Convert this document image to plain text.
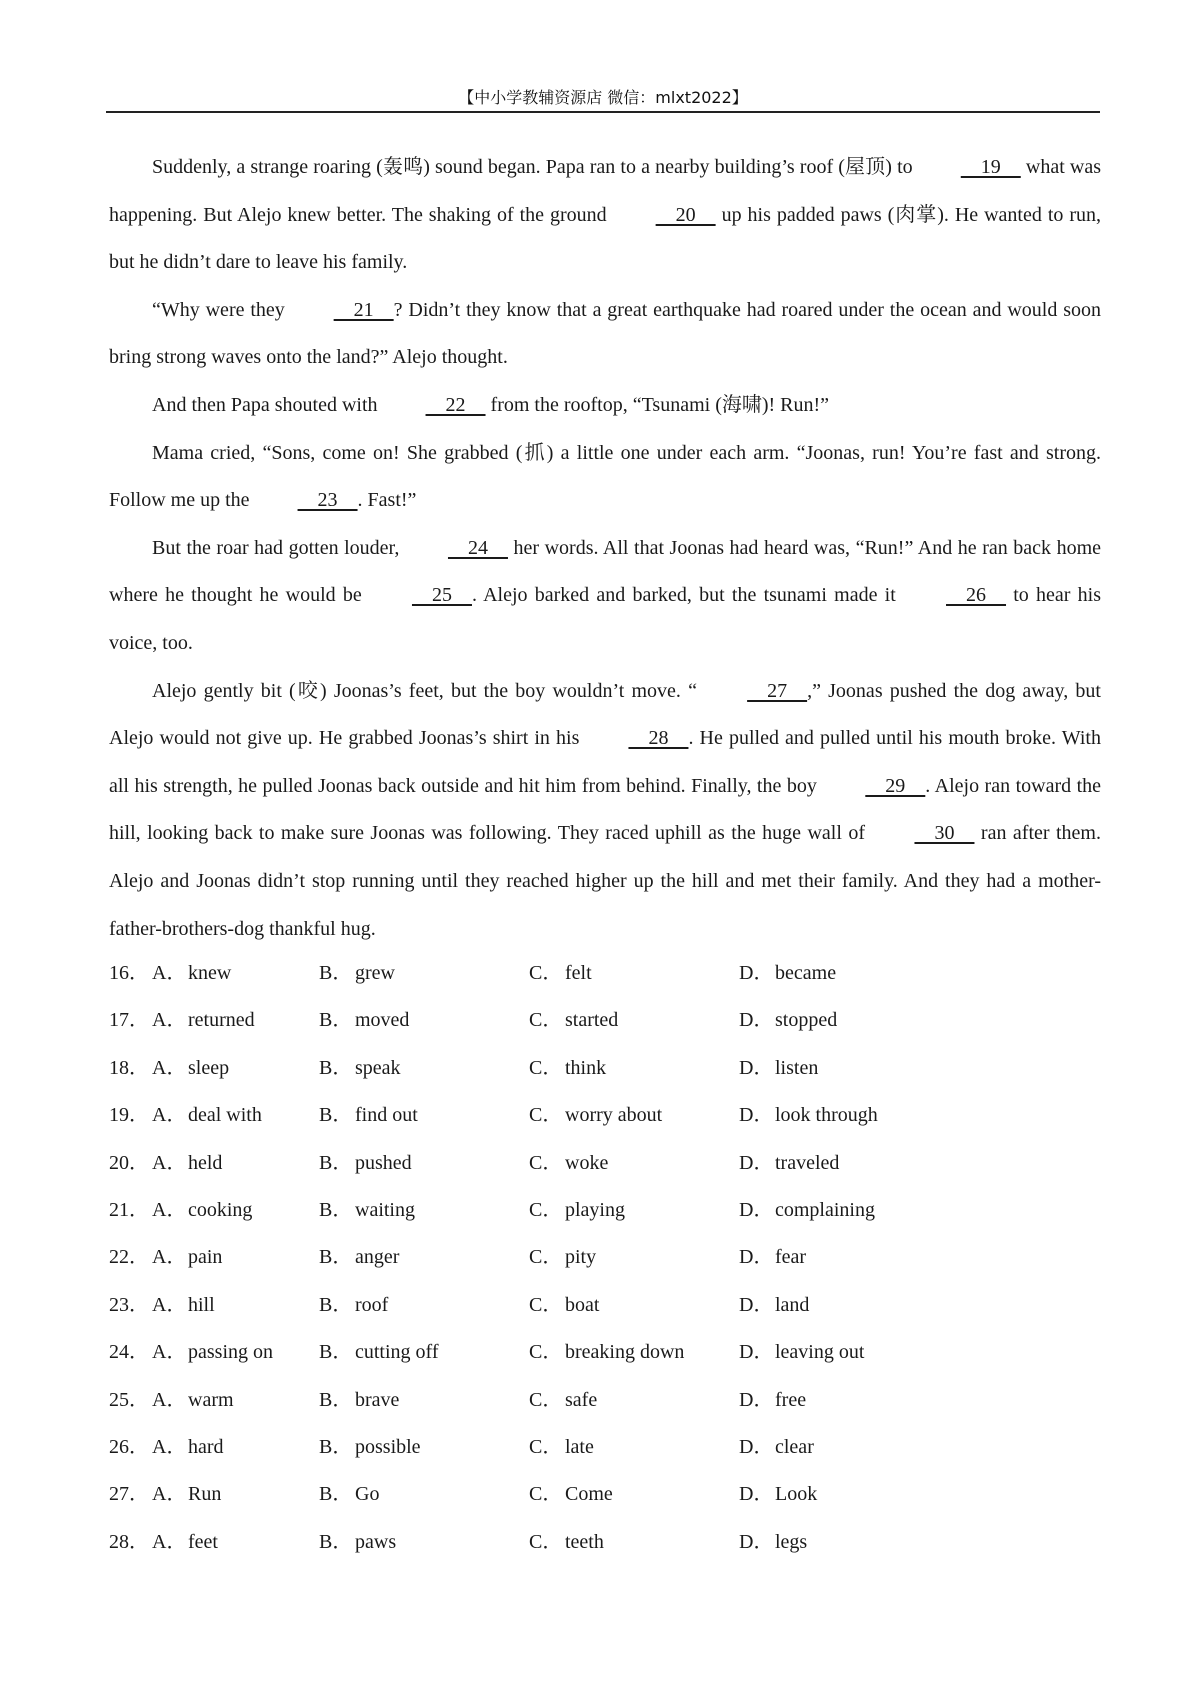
【中小学教辅资源店 微信：mlxt2022】

Suddenly, a strange roaring (轰鸣) sound began. Papa ran to a nearby building’s roof (屋顶) to     19     what was happening. But Alejo knew better. The shaking of the ground     20     up his padded paws (肉掌). He wanted to run, but he didn’t dare to leave his family.

“Why were they     21    ? Didn’t they know that a great earthquake had roared under the ocean and would soon bring strong waves onto the land?” Alejo thought.

And then Papa shouted with     22     from the rooftop, “Tsunami (海啸)! Run!”

Mama cried, “Sons, come on! She grabbed (抓) a little one under each arm. “Joonas, run! You’re fast and strong. Follow me up the     23    . Fast!”

But the roar had gotten louder,     24     her words. All that Joonas had heard was, “Run!” And he ran back home where he thought he would be     25    . Alejo barked and barked, but the tsunami made it     26     to hear his voice, too.

Alejo gently bit (咬) Joonas’s feet, but the boy wouldn’t move. “     27    ,” Joonas pushed the dog away, but Alejo would not give up. He grabbed Joonas’s shirt in his     28    . He pulled and pulled until his mouth broke. With all his strength, he pulled Joonas back outside and hit him from behind. Finally, the boy     29    . Alejo ran toward the hill, looking back to make sure Joonas was following. They raced uphill as the huge wall of     30     ran after them. Alejo and Joonas didn’t stop running until they reached higher up the hill and met their family. And they had a mother-father-brothers-dog thankful hug.

16． A．knew	B． grew	C． felt	D．became
17． A．returned	B． moved	C． started	D．stopped
18． A．sleep	B． speak	C． think	D．listen
19． A．deal with	B． find out	C． worry about	D．look through
20． A．held	B． pushed	C． woke	D．traveled
21． A．cooking	B． waiting	C． playing	D．complaining
22． A．pain	B． anger	C． pity	D．fear
23． A．hill	B． roof	C． boat	D．land
24． A．passing on B． cutting off	C． breaking down	D．leaving out
25． A．warm	B． brave	C． safe	D．free
26． A．hard	B． possible	C． late	D．clear
27． A．Run	B． Go	C． Come	D．Look
28． A．feet	B． paws	C． teeth	D．legs
